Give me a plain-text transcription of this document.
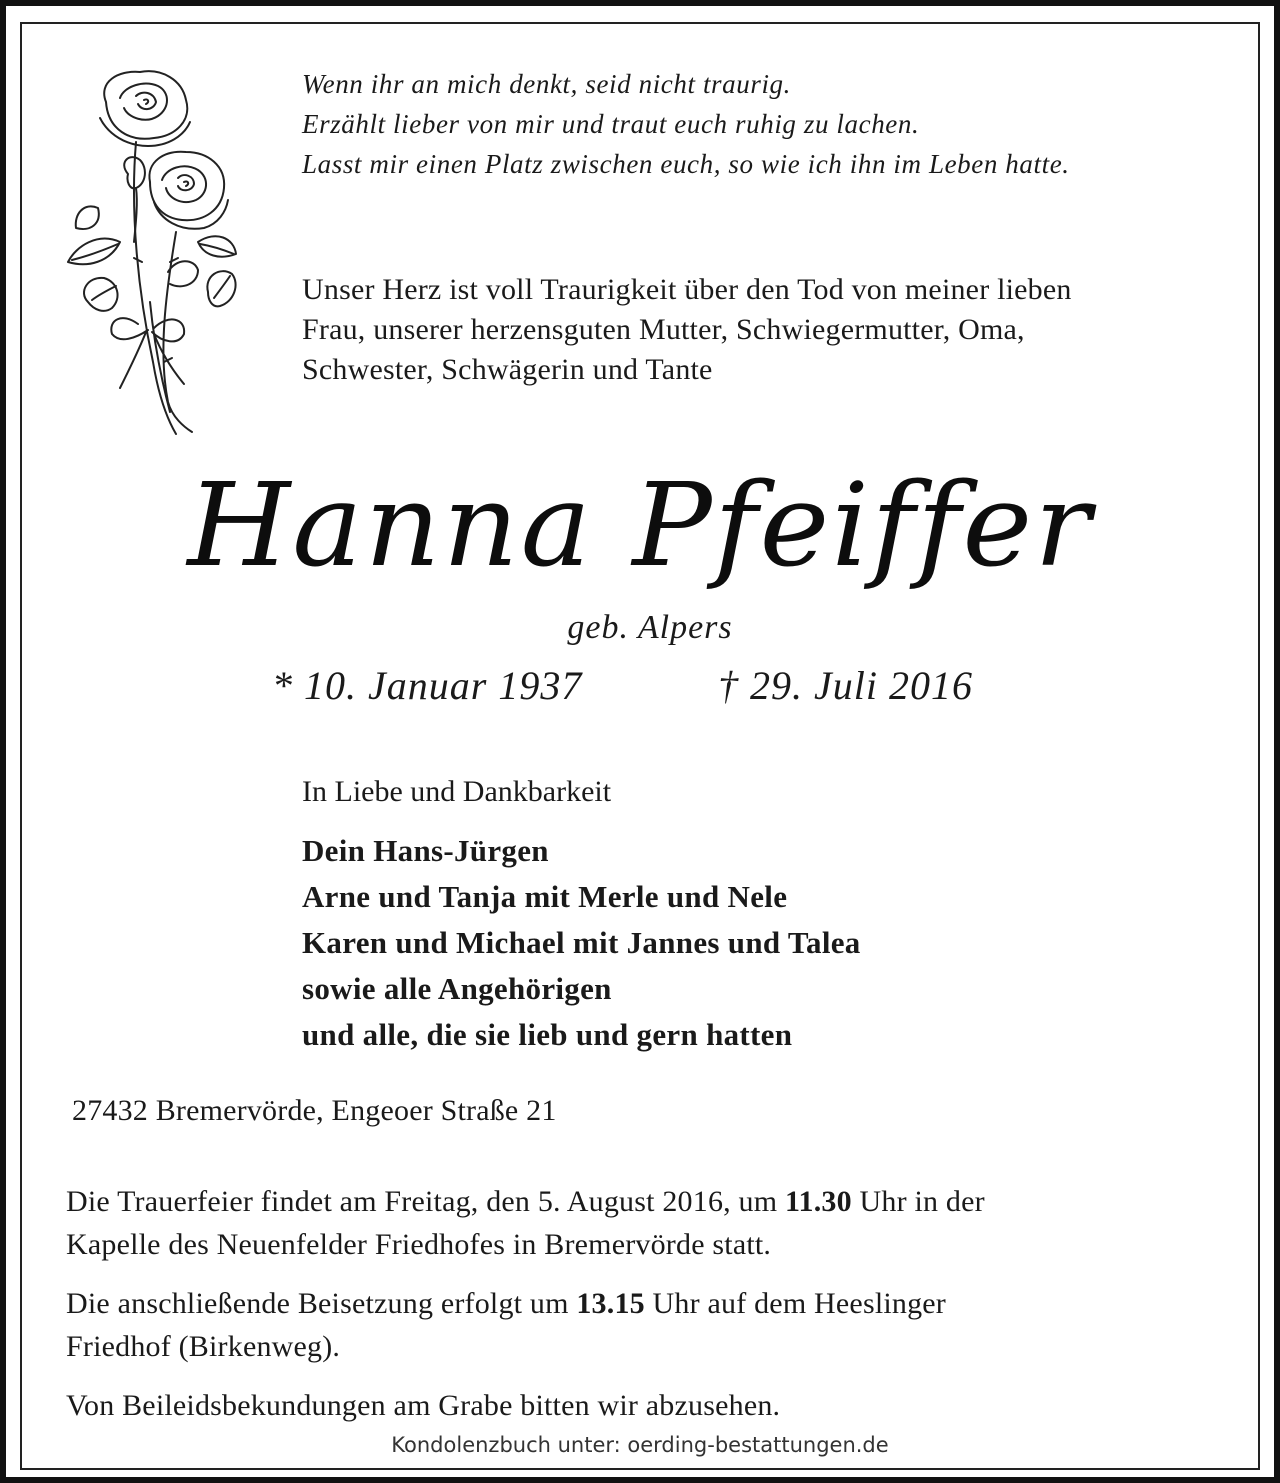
Wenn ihr an mich denkt, seid nicht traurig.
Erzählt lieber von mir und traut euch ruhig zu lachen.
Lasst mir einen Platz zwischen euch, so wie ich ihn im Leben hatte.
Unser Herz ist voll Traurigkeit über den Tod von meiner lieben
Frau, unserer herzensguten Mutter, Schwiegermutter, Oma,
Schwester, Schwägerin und Tante
Hanna Pfeiffer
geb. Alpers
* 10. Januar 1937	† 29. Juli 2016
In Liebe und Dankbarkeit
Dein Hans-Jürgen
Arne und Tanja mit Merle und Nele
Karen und Michael mit Jannes und Talea
sowie alle Angehörigen
und alle, die sie lieb und gern hatten
27432 Bremervörde, Engeoer Straße 21
Die Trauerfeier findet am Freitag, den 5. August 2016, um 11.30 Uhr in der
Kapelle des Neuenfelder Friedhofes in Bremervörde statt.
Die anschließende Beisetzung erfolgt um 13.15 Uhr auf dem Heeslinger
Friedhof (Birkenweg).
Von Beileidsbekundungen am Grabe bitten wir abzusehen.
Kondolenzbuch unter: oerding-bestattungen.de
